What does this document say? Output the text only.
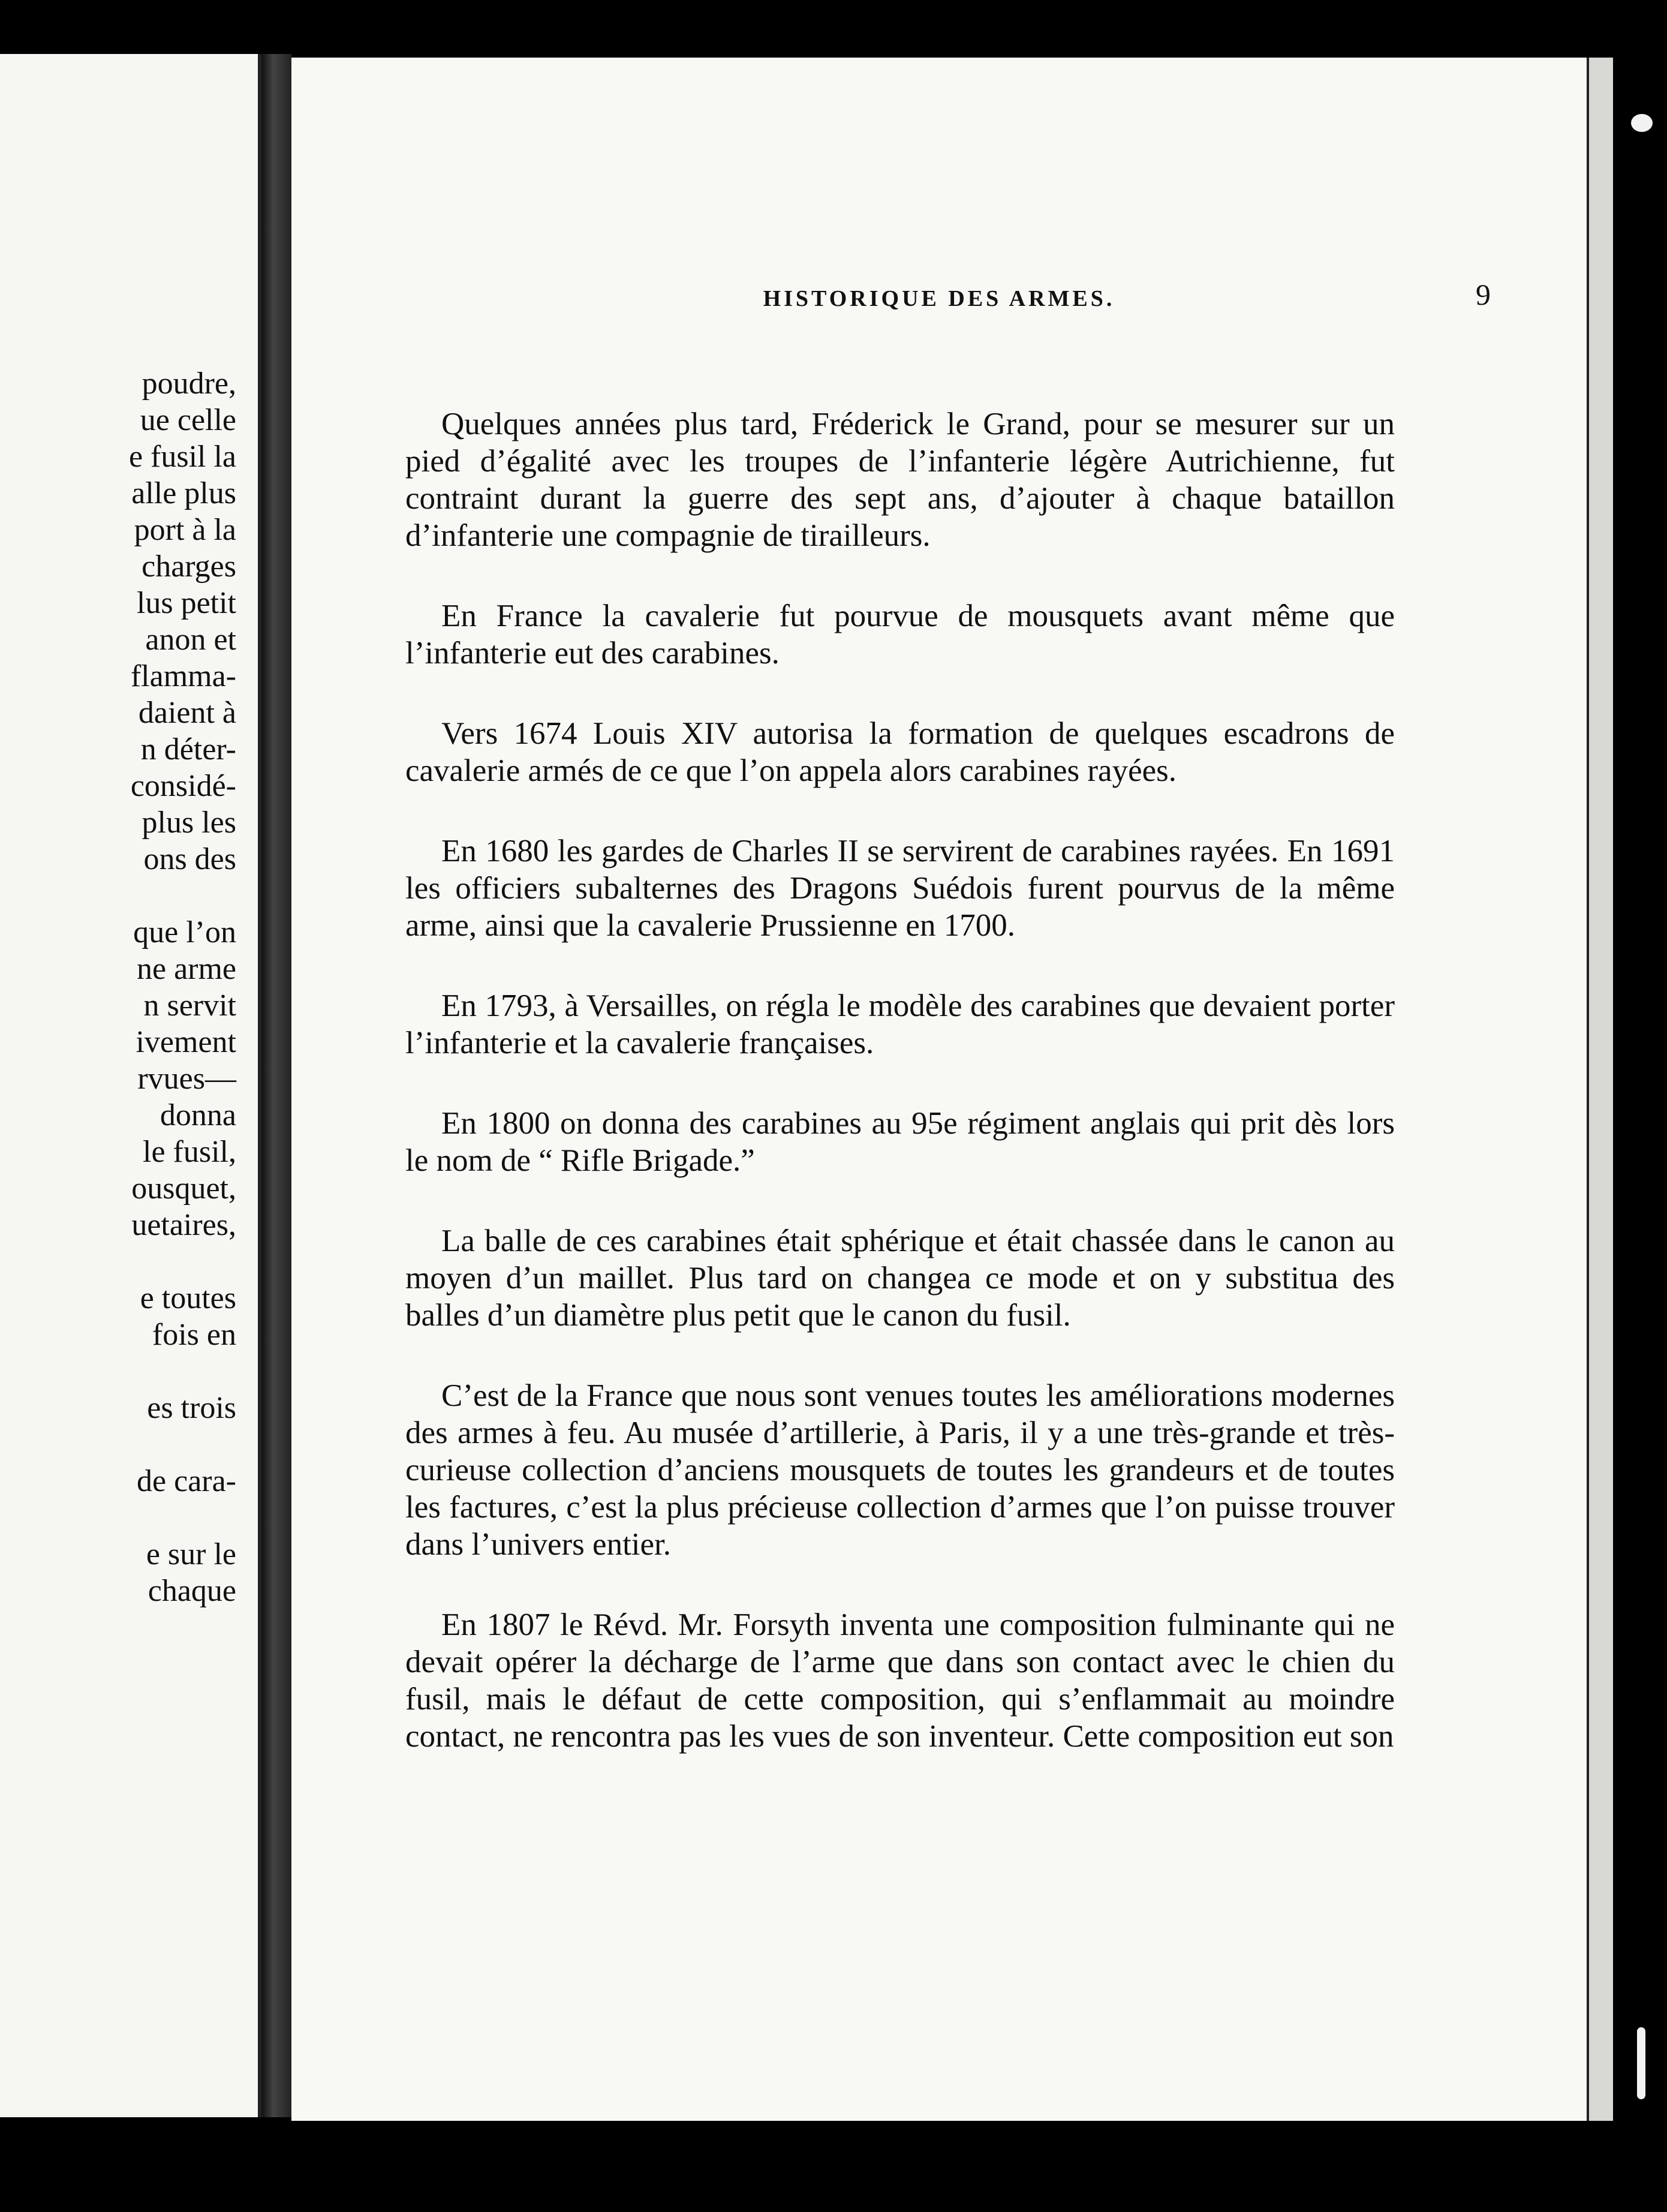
poudre,
ue celle
e fusil la
alle plus
port à la
charges
lus petit
anon et
flamma-
daient à
n déter-
considé-
plus les
ons des
que l’on
ne arme
n servit
ivement
rvues—
donna
le fusil,
ousquet,
uetaires,
e toutes
fois en
es trois
de cara-
e sur le
chaque
HISTORIQUE DES ARMES.	9

Quelques années plus tard, Fréderick le Grand, pour se mesurer sur un pied d’égalité avec les troupes de l’infanterie légère Autrichienne, fut contraint durant la guerre des sept ans, d’ajouter à chaque bataillon d’infanterie une compagnie de tirailleurs.

En France la cavalerie fut pourvue de mousquets avant même que l’infanterie eut des carabines.

Vers 1674 Louis XIV autorisa la formation de quelques escadrons de cavalerie armés de ce que l’on appela alors carabines rayées.

En 1680 les gardes de Charles II se servirent de carabines rayées. En 1691 les officiers subalternes des Dragons Suédois furent pourvus de la même arme, ainsi que la cavalerie Prussienne en 1700.

En 1793, à Versailles, on régla le modèle des carabines que devaient porter l’infanterie et la cavalerie françaises.

En 1800 on donna des carabines au 95e régiment anglais qui prit dès lors le nom de “ Rifle Brigade.”

La balle de ces carabines était sphérique et était chassée dans le canon au moyen d’un maillet. Plus tard on changea ce mode et on y substitua des balles d’un diamètre plus petit que le canon du fusil.

C’est de la France que nous sont venues toutes les améliorations modernes des armes à feu. Au musée d’artillerie, à Paris, il y a une très-grande et très-curieuse collection d’anciens mousquets de toutes les grandeurs et de toutes les factures, c’est la plus précieuse collection d’armes que l’on puisse trouver dans l’univers entier.

En 1807 le Révd. Mr. Forsyth inventa une composition fulminante qui ne devait opérer la décharge de l’arme que dans son contact avec le chien du fusil, mais le défaut de cette composition, qui s’enflammait au moindre contact, ne rencontra pas les vues de son inventeur. Cette composition eut son
